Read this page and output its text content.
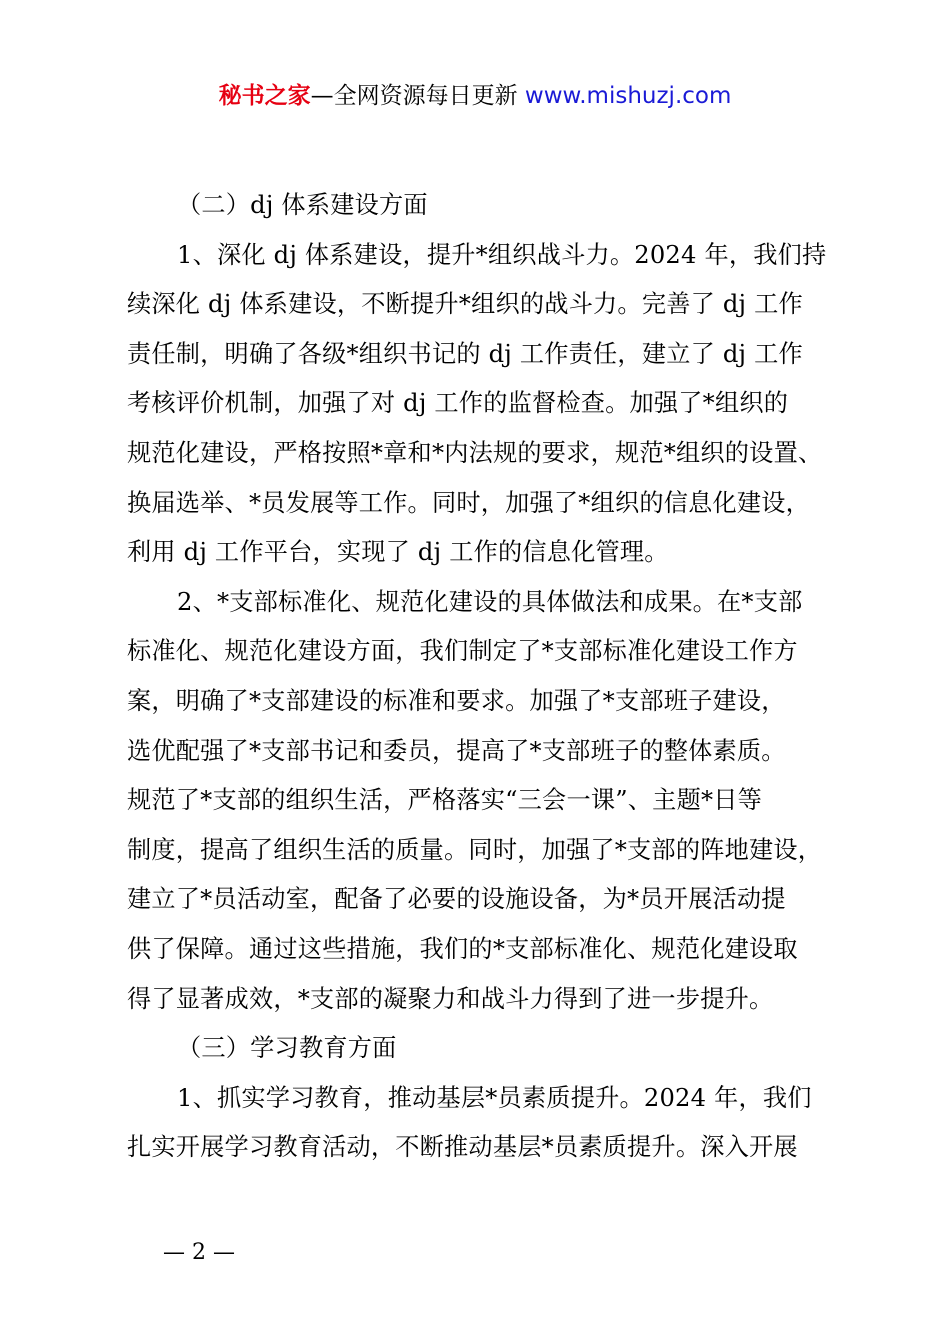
秘书之家—全网资源每日更新 www.mishuzj.com
（二）dj 体系建设方面
1、深化 dj 体系建设，提升*组织战斗力。2024 年，我们持
续深化 dj 体系建设，不断提升*组织的战斗力。完善了 dj 工作
责任制，明确了各级*组织书记的 dj 工作责任，建立了 dj 工作
考核评价机制，加强了对 dj 工作的监督检查。加强了*组织的
规范化建设，严格按照*章和*内法规的要求，规范*组织的设置、
换届选举、*员发展等工作。同时，加强了*组织的信息化建设，
利用 dj 工作平台，实现了 dj 工作的信息化管理。
2、*支部标准化、规范化建设的具体做法和成果。在*支部
标准化、规范化建设方面，我们制定了*支部标准化建设工作方
案，明确了*支部建设的标准和要求。加强了*支部班子建设，
选优配强了*支部书记和委员，提高了*支部班子的整体素质。
规范了*支部的组织生活，严格落实“三会一课”、主题*日等
制度，提高了组织生活的质量。同时，加强了*支部的阵地建设，
建立了*员活动室，配备了必要的设施设备，为*员开展活动提
供了保障。通过这些措施，我们的*支部标准化、规范化建设取
得了显著成效，*支部的凝聚力和战斗力得到了进一步提升。
（三）学习教育方面
1、抓实学习教育，推动基层*员素质提升。2024 年，我们
扎实开展学习教育活动，不断推动基层*员素质提升。深入开展
— 2 —
